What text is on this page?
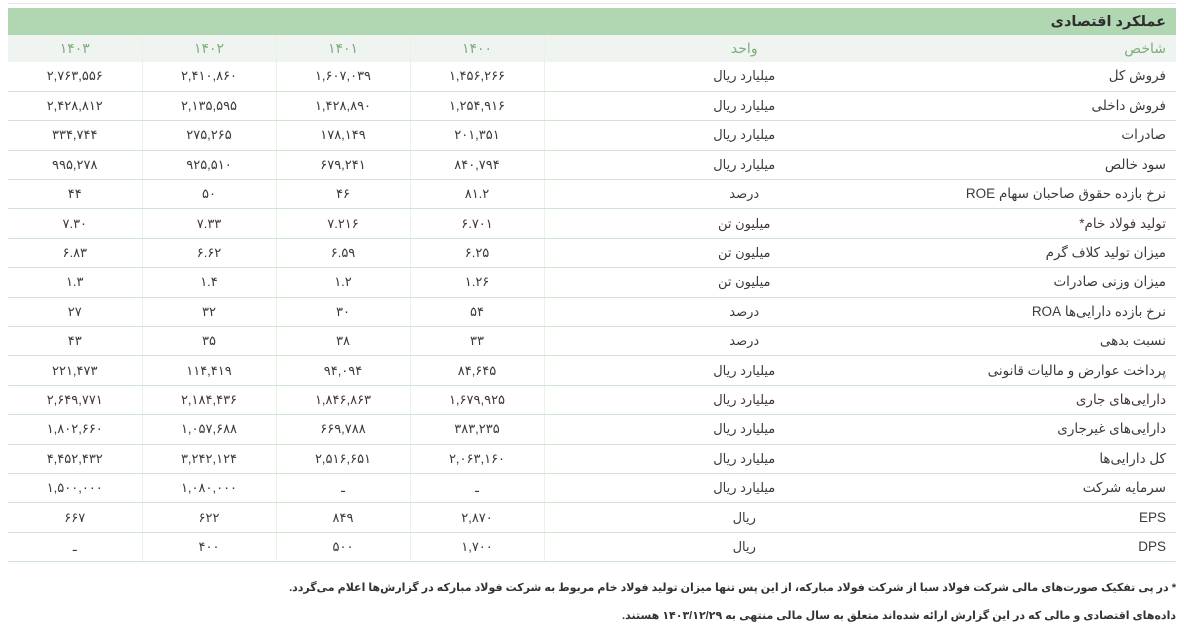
عملکرد اقتصادی
شاخص	واحد	۱۴۰۰	۱۴۰۱	۱۴۰۲	۱۴۰۳
فروش کل	میلیارد ریال	۱,۴۵۶,۲۶۶	۱,۶۰۷,۰۳۹	۲,۴۱۰,۸۶۰	۲,۷۶۳,۵۵۶
فروش داخلی	میلیارد ریال	۱,۲۵۴,۹۱۶	۱,۴۲۸,۸۹۰	۲,۱۳۵,۵۹۵	۲,۴۲۸,۸۱۲
صادرات	میلیارد ریال	۲۰۱,۳۵۱	۱۷۸,۱۴۹	۲۷۵,۲۶۵	۳۳۴,۷۴۴
سود خالص	میلیارد ریال	۸۴۰,۷۹۴	۶۷۹,۲۴۱	۹۲۵,۵۱۰	۹۹۵,۲۷۸
نرخ بازده حقوق صاحبان سهام ROE	درصد	۸۱.۲	۴۶	۵۰	۴۴
تولید فولاد خام*	میلیون تن	۶.۷۰۱	۷.۲۱۶	۷.۳۳	۷.۳۰
میزان تولید کلاف گرم	میلیون تن	۶.۲۵	۶.۵۹	۶.۶۲	۶.۸۳
میزان وزنی صادرات	میلیون تن	۱.۲۶	۱.۲	۱.۴	۱.۳
نرخ بازده دارایی‌ها ROA	درصد	۵۴	۳۰	۳۲	۲۷
نسبت بدهی	درصد	۳۳	۳۸	۳۵	۴۳
پرداخت عوارض و مالیات قانونی	میلیارد ریال	۸۴,۶۴۵	۹۴,۰۹۴	۱۱۴,۴۱۹	۲۲۱,۴۷۳
دارایی‌های جاری	میلیارد ریال	۱,۶۷۹,۹۲۵	۱,۸۴۶,۸۶۳	۲,۱۸۴,۴۳۶	۲,۶۴۹,۷۷۱
دارایی‌های غیرجاری	میلیارد ریال	۳۸۳,۲۳۵	۶۶۹,۷۸۸	۱,۰۵۷,۶۸۸	۱,۸۰۲,۶۶۰
کل دارایی‌ها	میلیارد ریال	۲,۰۶۳,۱۶۰	۲,۵۱۶,۶۵۱	۳,۲۴۲,۱۲۴	۴,۴۵۲,۴۳۲
سرمایه شرکت	میلیارد ریال	ـ	ـ	۱,۰۸۰,۰۰۰	۱,۵۰۰,۰۰۰
EPS	ریال	۲,۸۷۰	۸۴۹	۶۲۲	۶۶۷
DPS	ریال	۱,۷۰۰	۵۰۰	۴۰۰	ـ
* در پی تفکیک صورت‌های مالی شرکت فولاد سبا از شرکت فولاد مبارکه، از این پس تنها میزان تولید فولاد خام مربوط به شرکت فولاد مبارکه در گزارش‌ها اعلام می‌گردد.
داده‌های اقتصادی و مالی که در این گزارش ارائه شده‌اند متعلق به سال مالی منتهی به ۱۴۰۳/۱۲/۲۹ هستند.
